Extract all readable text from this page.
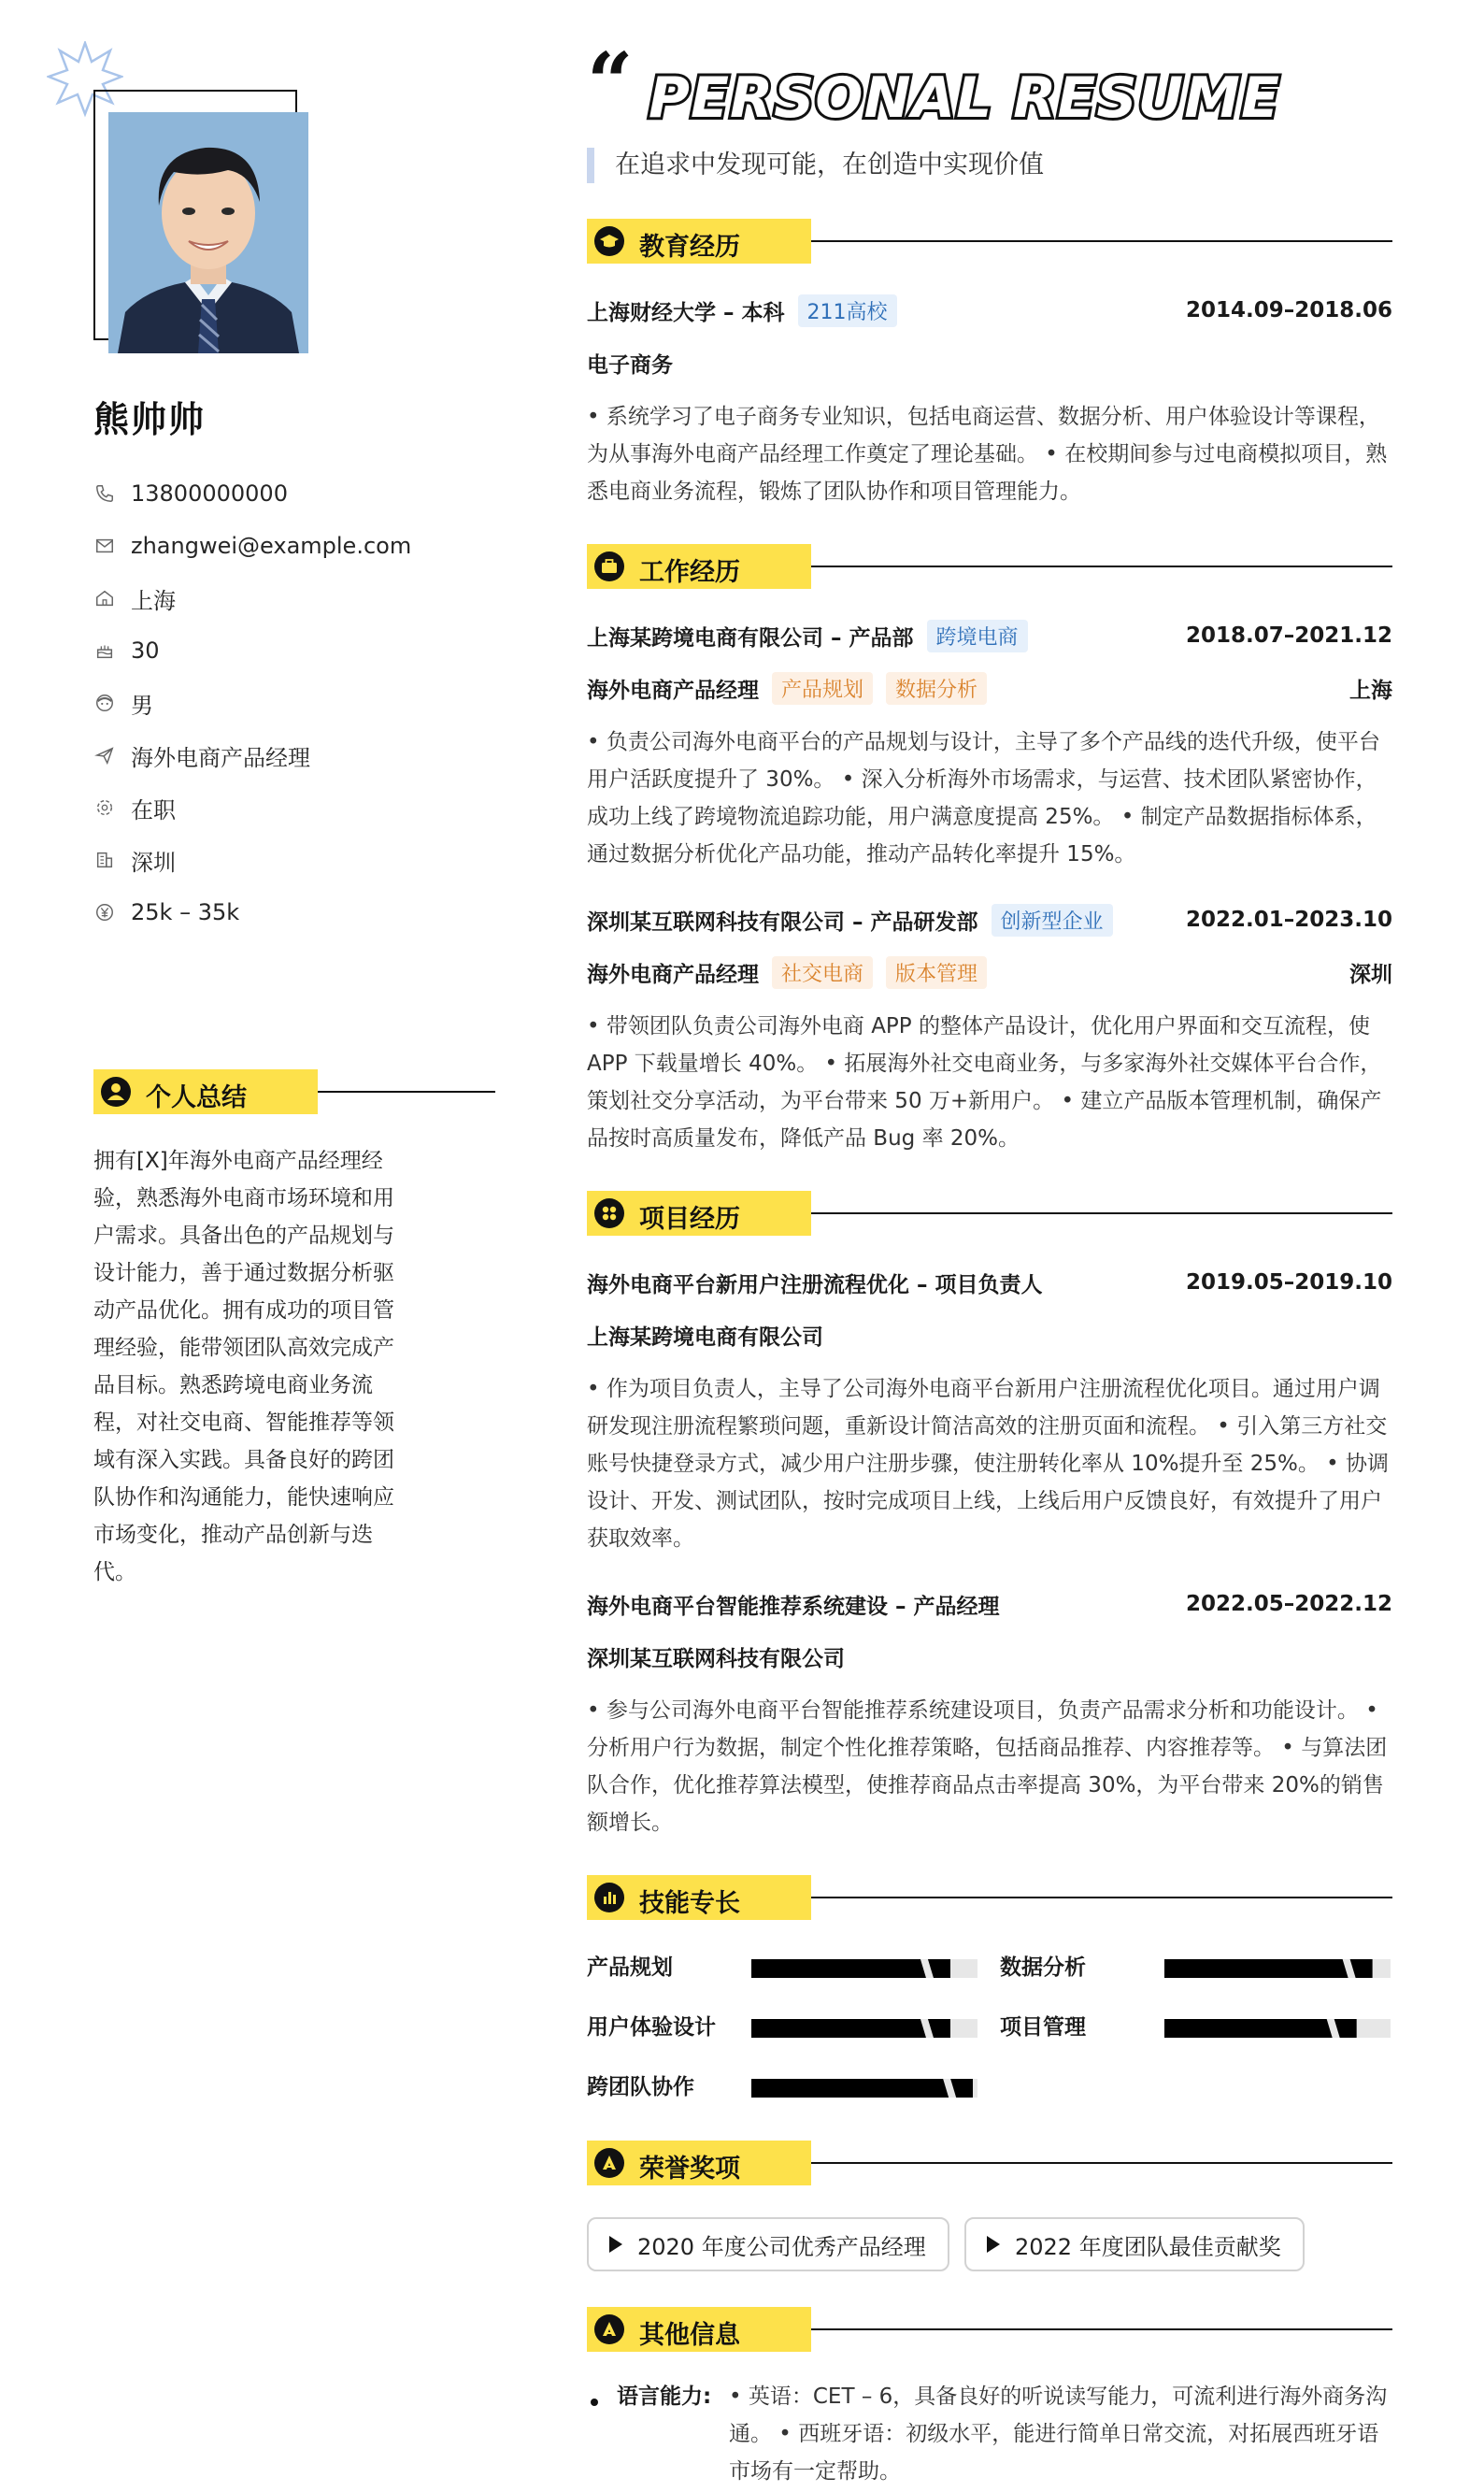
熊帅帅
13800000000
zhangwei@example.com
上海
30
男
海外电商产品经理
在职
深圳
25k – 35k
个人总结
拥有[X]年海外电商产品经理经验，熟悉海外电商市场环境和用户需求。具备出色的产品规划与设计能力，善于通过数据分析驱动产品优化。拥有成功的项目管理经验，能带领团队高效完成产品目标。熟悉跨境电商业务流程，对社交电商、智能推荐等领域有深入实践。具备良好的跨团队协作和沟通能力，能快速响应市场变化，推动产品创新与迭代。
“ PERSONAL RESUME
在追求中发现可能，在创造中实现价值
教育经历
上海财经大学 – 本科	211高校	2014.09–2018.06
电子商务
• 系统学习了电子商务专业知识，包括电商运营、数据分析、用户体验设计等课程，为从事海外电商产品经理工作奠定了理论基础。 • 在校期间参与过电商模拟项目，熟悉电商业务流程，锻炼了团队协作和项目管理能力。
工作经历
上海某跨境电商有限公司 – 产品部	跨境电商	2018.07–2021.12
海外电商产品经理	产品规划	数据分析	上海
• 负责公司海外电商平台的产品规划与设计，主导了多个产品线的迭代升级，使平台用户活跃度提升了 30%。 • 深入分析海外市场需求，与运营、技术团队紧密协作，成功上线了跨境物流追踪功能，用户满意度提高 25%。 • 制定产品数据指标体系，通过数据分析优化产品功能，推动产品转化率提升 15%。
深圳某互联网科技有限公司 – 产品研发部	创新型企业	2022.01–2023.10
海外电商产品经理	社交电商	版本管理	深圳
• 带领团队负责公司海外电商 APP 的整体产品设计，优化用户界面和交互流程，使 APP 下载量增长 40%。 • 拓展海外社交电商业务，与多家海外社交媒体平台合作，策划社交分享活动，为平台带来 50 万+新用户。 • 建立产品版本管理机制，确保产品按时高质量发布，降低产品 Bug 率 20%。
项目经历
海外电商平台新用户注册流程优化 – 项目负责人	2019.05–2019.10
上海某跨境电商有限公司
• 作为项目负责人，主导了公司海外电商平台新用户注册流程优化项目。通过用户调研发现注册流程繁琐问题，重新设计简洁高效的注册页面和流程。 • 引入第三方社交账号快捷登录方式，减少用户注册步骤，使注册转化率从 10%提升至 25%。 • 协调设计、开发、测试团队，按时完成项目上线，上线后用户反馈良好，有效提升了用户获取效率。
海外电商平台智能推荐系统建设 – 产品经理	2022.05–2022.12
深圳某互联网科技有限公司
• 参与公司海外电商平台智能推荐系统建设项目，负责产品需求分析和功能设计。 • 分析用户行为数据，制定个性化推荐策略，包括商品推荐、内容推荐等。 • 与算法团队合作，优化推荐算法模型，使推荐商品点击率提高 30%，为平台带来 20%的销售额增长。
技能专长
产品规划	数据分析
用户体验设计	项目管理
跨团队协作
荣誉奖项
2020 年度公司优秀产品经理	2022 年度团队最佳贡献奖
其他信息
语言能力: • 英语：CET – 6，具备良好的听说读写能力，可流利进行海外商务沟通。 • 西班牙语：初级水平，能进行简单日常交流，对拓展西班牙语市场有一定帮助。
